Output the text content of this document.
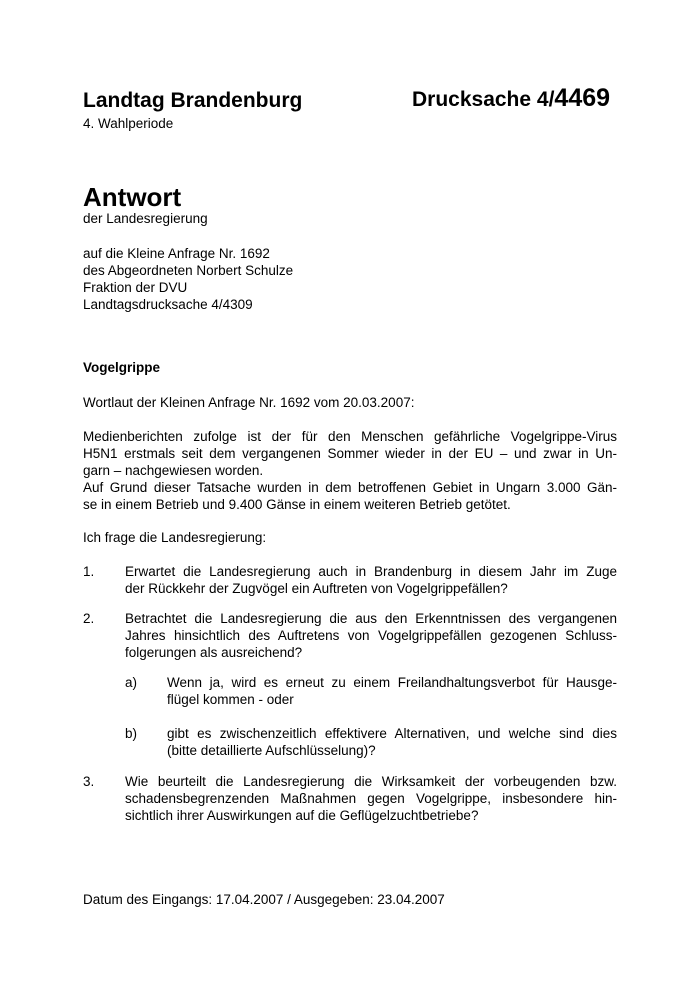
Landtag Brandenburg	Drucksache 4/4469
4. Wahlperiode
Antwort
der Landesregierung
auf die Kleine Anfrage Nr. 1692
des Abgeordneten Norbert Schulze
Fraktion der DVU
Landtagsdrucksache 4/4309
Vogelgrippe
Wortlaut der Kleinen Anfrage Nr. 1692 vom 20.03.2007:
Medienberichten zufolge ist der für den Menschen gefährliche Vogelgrippe-Virus
H5N1 erstmals seit dem vergangenen Sommer wieder in der EU – und zwar in Un-
garn – nachgewiesen worden.
Auf Grund dieser Tatsache wurden in dem betroffenen Gebiet in Ungarn 3.000 Gän-
se in einem Betrieb und 9.400 Gänse in einem weiteren Betrieb getötet.
Ich frage die Landesregierung:
1. Erwartet die Landesregierung auch in Brandenburg in diesem Jahr im Zuge
der Rückkehr der Zugvögel ein Auftreten von Vogelgrippefällen?
2. Betrachtet die Landesregierung die aus den Erkenntnissen des vergangenen
Jahres hinsichtlich des Auftretens von Vogelgrippefällen gezogenen Schluss-
folgerungen als ausreichend?
a) Wenn ja, wird es erneut zu einem Freilandhaltungsverbot für Hausge-
flügel kommen - oder
b) gibt es zwischenzeitlich effektivere Alternativen, und welche sind dies
(bitte detaillierte Aufschlüsselung)?
3. Wie beurteilt die Landesregierung die Wirksamkeit der vorbeugenden bzw.
schadensbegrenzenden Maßnahmen gegen Vogelgrippe, insbesondere hin-
sichtlich ihrer Auswirkungen auf die Geflügelzuchtbetriebe?
Datum des Eingangs: 17.04.2007 / Ausgegeben: 23.04.2007
